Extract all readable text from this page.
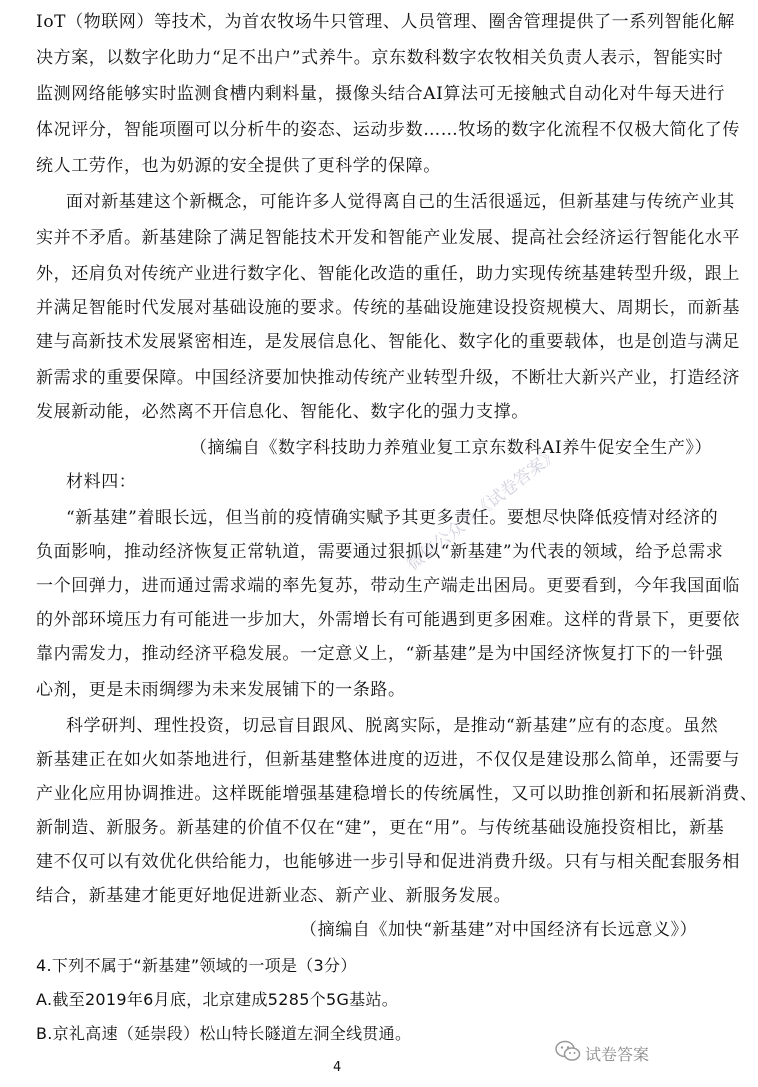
IoT（物联网）等技术，为首农牧场牛只管理、人员管理、圈舍管理提供了一系列智能化解
决方案，以数字化助力“足不出户”式养牛。京东数科数字农牧相关负责人表示，智能实时
监测网络能够实时监测食槽内剩料量，摄像头结合AI算法可无接触式自动化对牛每天进行
体况评分，智能项圈可以分析牛的姿态、运动步数……牧场的数字化流程不仅极大简化了传
统人工劳作，也为奶源的安全提供了更科学的保障。
面对新基建这个新概念，可能许多人觉得离自己的生活很遥远，但新基建与传统产业其
实并不矛盾。新基建除了满足智能技术开发和智能产业发展、提高社会经济运行智能化水平
外，还肩负对传统产业进行数字化、智能化改造的重任，助力实现传统基建转型升级，跟上
并满足智能时代发展对基础设施的要求。传统的基础设施建设投资规模大、周期长，而新基
建与高新技术发展紧密相连，是发展信息化、智能化、数字化的重要载体，也是创造与满足
新需求的重要保障。中国经济要加快推动传统产业转型升级，不断壮大新兴产业，打造经济
发展新动能，必然离不开信息化、智能化、数字化的强力支撑。
（摘编自《数字科技助力养殖业复工京东数科AI养牛促安全生产》）
材料四：
“新基建”着眼长远，但当前的疫情确实赋予其更多责任。要想尽快降低疫情对经济的
负面影响，推动经济恢复正常轨道，需要通过狠抓以“新基建”为代表的领域，给予总需求
一个回弹力，进而通过需求端的率先复苏，带动生产端走出困局。更要看到，今年我国面临
的外部环境压力有可能进一步加大，外需增长有可能遇到更多困难。这样的背景下，更要依
靠内需发力，推动经济平稳发展。一定意义上，“新基建”是为中国经济恢复打下的一针强
心剂，更是未雨绸缪为未来发展铺下的一条路。
科学研判、理性投资，切忌盲目跟风、脱离实际，是推动“新基建”应有的态度。虽然
新基建正在如火如荼地进行，但新基建整体进度的迈进，不仅仅是建设那么简单，还需要与
产业化应用协调推进。这样既能增强基建稳增长的传统属性，又可以助推创新和拓展新消费、
新制造、新服务。新基建的价值不仅在“建”，更在“用”。与传统基础设施投资相比，新基
建不仅可以有效优化供给能力，也能够进一步引导和促进消费升级。只有与相关配套服务相
结合，新基建才能更好地促进新业态、新产业、新服务发展。
（摘编自《加快“新基建”对中国经济有长远意义》）
4.下列不属于“新基建”领域的一项是（3分）
A.截至2019年6月底，北京建成5285个5G基站。
B.京礼高速（延崇段）松山特长隧道左洞全线贯通。
微信公众号《试卷答案》
4
试卷答案
